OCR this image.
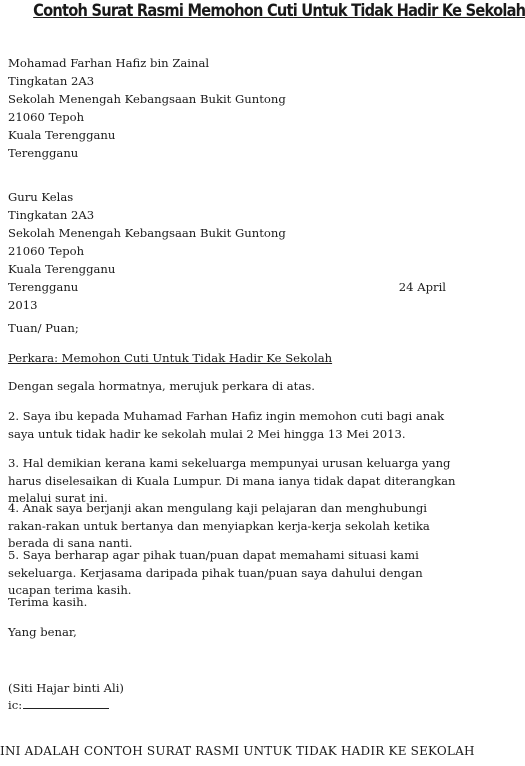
Contoh Surat Rasmi Memohon Cuti Untuk Tidak Hadir Ke Sekolah
Mohamad Farhan Hafiz bin Zainal
Tingkatan 2A3
Sekolah Menengah Kebangsaan Bukit Guntong
21060 Tepoh
Kuala Terengganu
Terengganu
Guru Kelas
Tingkatan 2A3
Sekolah Menengah Kebangsaan Bukit Guntong
21060 Tepoh
Kuala Terengganu
Terengganu	24 April
2013
Tuan/ Puan;
Perkara: Memohon Cuti Untuk Tidak Hadir Ke Sekolah
Dengan segala hormatnya, merujuk perkara di atas.
2. Saya ibu kepada Muhamad Farhan Hafiz ingin memohon cuti bagi anak saya untuk tidak hadir ke sekolah mulai 2 Mei hingga 13 Mei 2013.
3. Hal demikian kerana kami sekeluarga mempunyai urusan keluarga yang harus diselesaikan di Kuala Lumpur. Di mana ianya tidak dapat diterangkan melalui surat ini.
4. Anak saya berjanji akan mengulang kaji pelajaran dan menghubungi rakan-rakan untuk bertanya dan menyiapkan kerja-kerja sekolah ketika berada di sana nanti.
5. Saya berharap agar pihak tuan/puan dapat memahami situasi kami sekeluarga. Kerjasama daripada pihak tuan/puan saya dahului dengan ucapan terima kasih.
Terima kasih.
Yang benar,
(Siti Hajar binti Ali)
ic:
INI ADALAH CONTOH SURAT RASMI UNTUK TIDAK HADIR KE SEKOLAH
